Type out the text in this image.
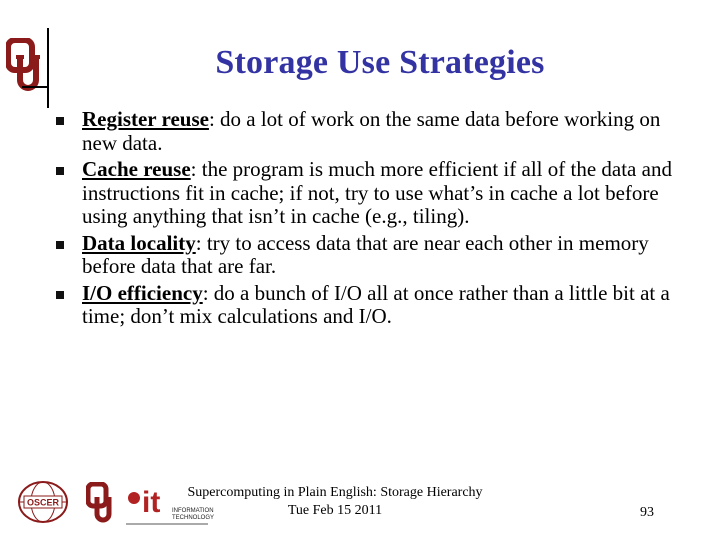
Storage Use Strategies
Register reuse: do a lot of work on the same data before working on new data.
Cache reuse: the program is much more efficient if all of the data and instructions fit in cache; if not, try to use what’s in cache a lot before using anything that isn’t in cache (e.g., tiling).
Data locality: try to access data that are near each other in memory before data that are far.
I/O efficiency: do a bunch of I/O all at once rather than a little bit at a time; don’t mix calculations and I/O.
OSCER	it INFORMATION
TECHNOLOGY
Supercomputing in Plain English: Storage Hierarchy
Tue Feb 15 2011	93
